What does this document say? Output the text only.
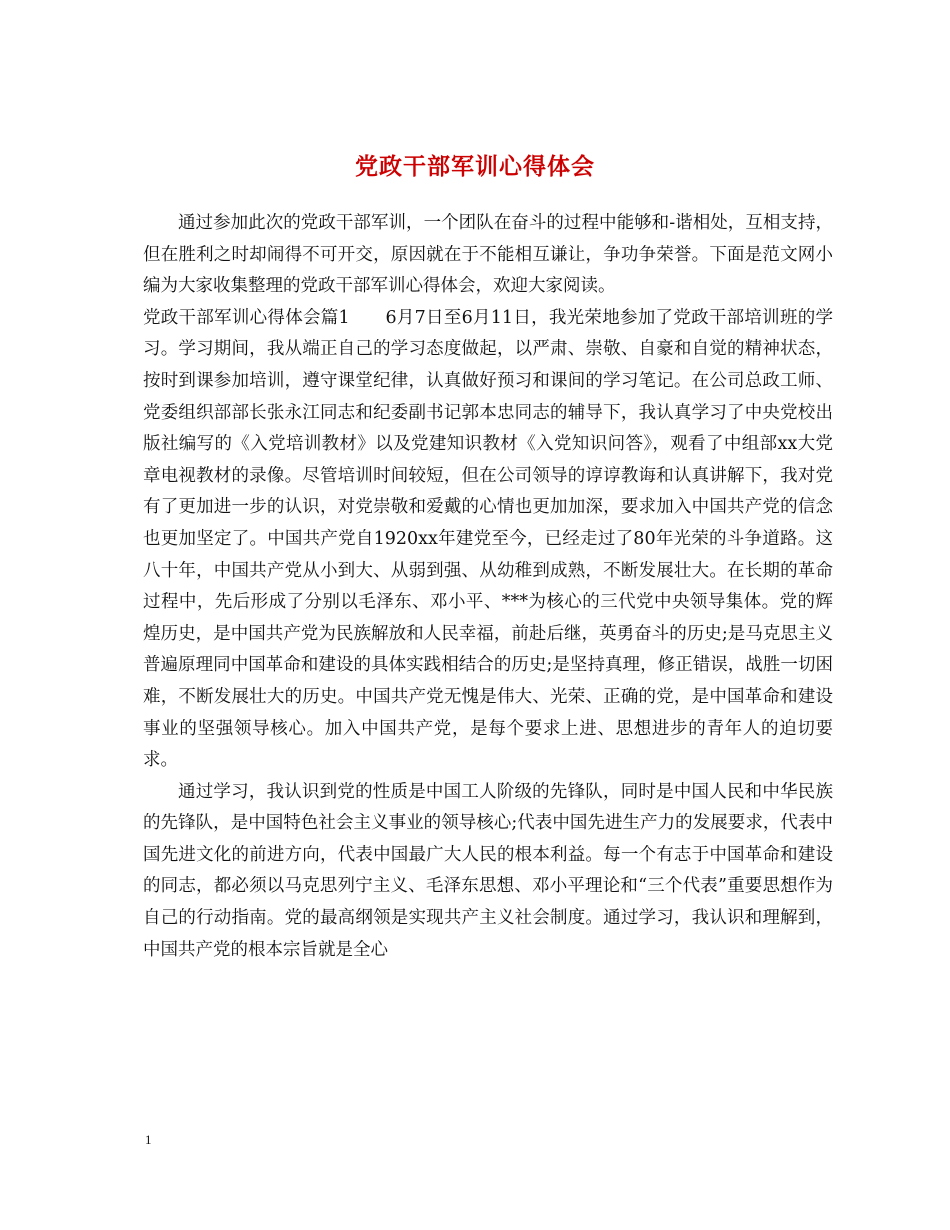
党政干部军训心得体会

通过参加此次的党政干部军训，一个团队在奋斗的过程中能够和-谐相处，互相支持，但在胜利之时却闹得不可开交，原因就在于不能相互谦让，争功争荣誉。下面是范文网小编为大家收集整理的党政干部军训心得体会，欢迎大家阅读。

党政干部军训心得体会篇1　　6月7日至6月11日，我光荣地参加了党政干部培训班的学习。学习期间，我从端正自己的学习态度做起，以严肃、崇敬、自豪和自觉的精神状态，按时到课参加培训，遵守课堂纪律，认真做好预习和课间的学习笔记。在公司总政工师、党委组织部部长张永江同志和纪委副书记郭本忠同志的辅导下，我认真学习了中央党校出版社编写的《入党培训教材》以及党建知识教材《入党知识问答》，观看了中组部xx大党章电视教材的录像。尽管培训时间较短，但在公司领导的谆谆教诲和认真讲解下，我对党有了更加进一步的认识，对党崇敬和爱戴的心情也更加加深，要求加入中国共产党的信念也更加坚定了。中国共产党自1920xx年建党至今，已经走过了80年光荣的斗争道路。这八十年，中国共产党从小到大、从弱到强、从幼稚到成熟，不断发展壮大。在长期的革命过程中，先后形成了分别以毛泽东、邓小平、***为核心的三代党中央领导集体。党的辉煌历史，是中国共产党为民族解放和人民幸福，前赴后继，英勇奋斗的历史;是马克思主义普遍原理同中国革命和建设的具体实践相结合的历史;是坚持真理，修正错误，战胜一切困难，不断发展壮大的历史。中国共产党无愧是伟大、光荣、正确的党，是中国革命和建设事业的坚强领导核心。加入中国共产党，是每个要求上进、思想进步的青年人的迫切要求。

通过学习，我认识到党的性质是中国工人阶级的先锋队，同时是中国人民和中华民族的先锋队，是中国特色社会主义事业的领导核心;代表中国先进生产力的发展要求，代表中国先进文化的前进方向，代表中国最广大人民的根本利益。每一个有志于中国革命和建设的同志，都必须以马克思列宁主义、毛泽东思想、邓小平理论和“三个代表”重要思想作为自己的行动指南。党的最高纲领是实现共产主义社会制度。通过学习，我认识和理解到，中国共产党的根本宗旨就是全心

1
